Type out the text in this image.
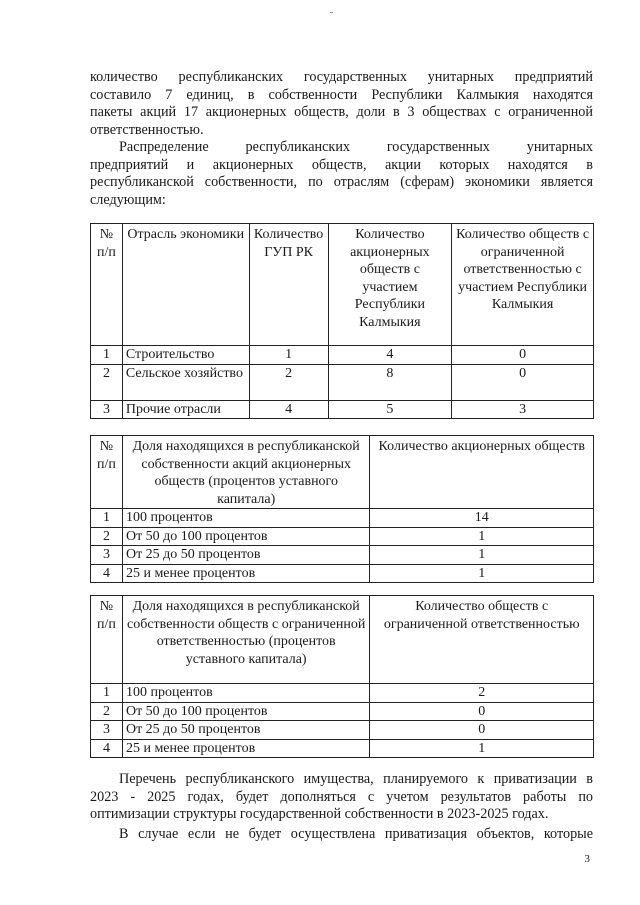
количество республиканских государственных унитарных предприятий
составило 7 единиц, в собственности Республики Калмыкия находятся
пакеты акций 17 акционерных обществ, доли в 3 обществах с ограниченной
ответственностью.

Распределение республиканских государственных унитарных
предприятий и акционерных обществ, акции которых находятся в
республиканской собственности, по отраслям (сферам) экономики является
следующим:

№ п/п	Отрасль экономики	Количество ГУП РК	Количество акционерных обществ с участием Республики Калмыкия	Количество обществ с ограниченной ответственностью с участием Республики Калмыкия
1	Строительство	1	4	0
2	Сельское хозяйство	2	8	0
3	Прочие отрасли	4	5	3
№ п/п	Доля находящихся в республиканской собственности акций акционерных обществ (процентов уставного капитала)	Количество акционерных обществ
1	100 процентов	14
2	От 50 до 100 процентов	1
3	От 25 до 50 процентов	1
4	25 и менее процентов	1
№ п/п	Доля находящихся в республиканской собственности обществ с ограниченной ответственностью (процентов уставного капитала)	Количество обществ с ограниченной ответственностью
1	100 процентов	2
2	От 50 до 100 процентов	0
3	От 25 до 50 процентов	0
4	25 и менее процентов	1

Перечень республиканского имущества, планируемого к приватизации в
2023 - 2025 годах, будет дополняться с учетом результатов работы по
оптимизации структуры государственной собственности в 2023-2025 годах.

В случае если не будет осуществлена приватизация объектов, которые

3
